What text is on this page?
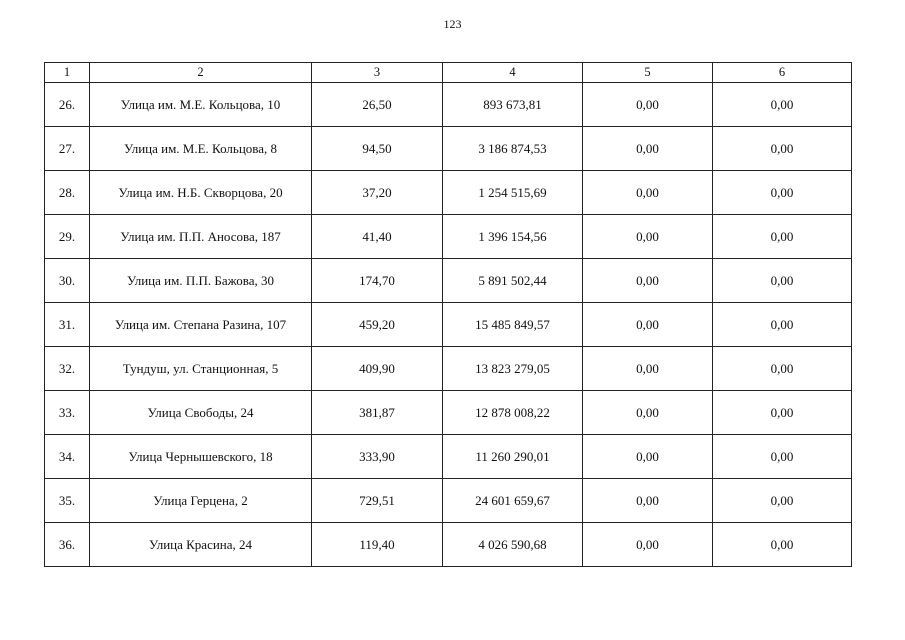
123
1	2	3	4	5	6
26.	Улица им. М.Е. Кольцова, 10	26,50	893 673,81	0,00	0,00
27.	Улица им. М.Е. Кольцова, 8	94,50	3 186 874,53	0,00	0,00
28.	Улица им. Н.Б. Скворцова, 20	37,20	1 254 515,69	0,00	0,00
29.	Улица им. П.П. Аносова, 187	41,40	1 396 154,56	0,00	0,00
30.	Улица им. П.П. Бажова, 30	174,70	5 891 502,44	0,00	0,00
31.	Улица им. Степана Разина, 107	459,20	15 485 849,57	0,00	0,00
32.	Тундуш, ул. Станционная, 5	409,90	13 823 279,05	0,00	0,00
33.	Улица Свободы, 24	381,87	12 878 008,22	0,00	0,00
34.	Улица Чернышевского, 18	333,90	11 260 290,01	0,00	0,00
35.	Улица Герцена, 2	729,51	24 601 659,67	0,00	0,00
36.	Улица Красина, 24	119,40	4 026 590,68	0,00	0,00
